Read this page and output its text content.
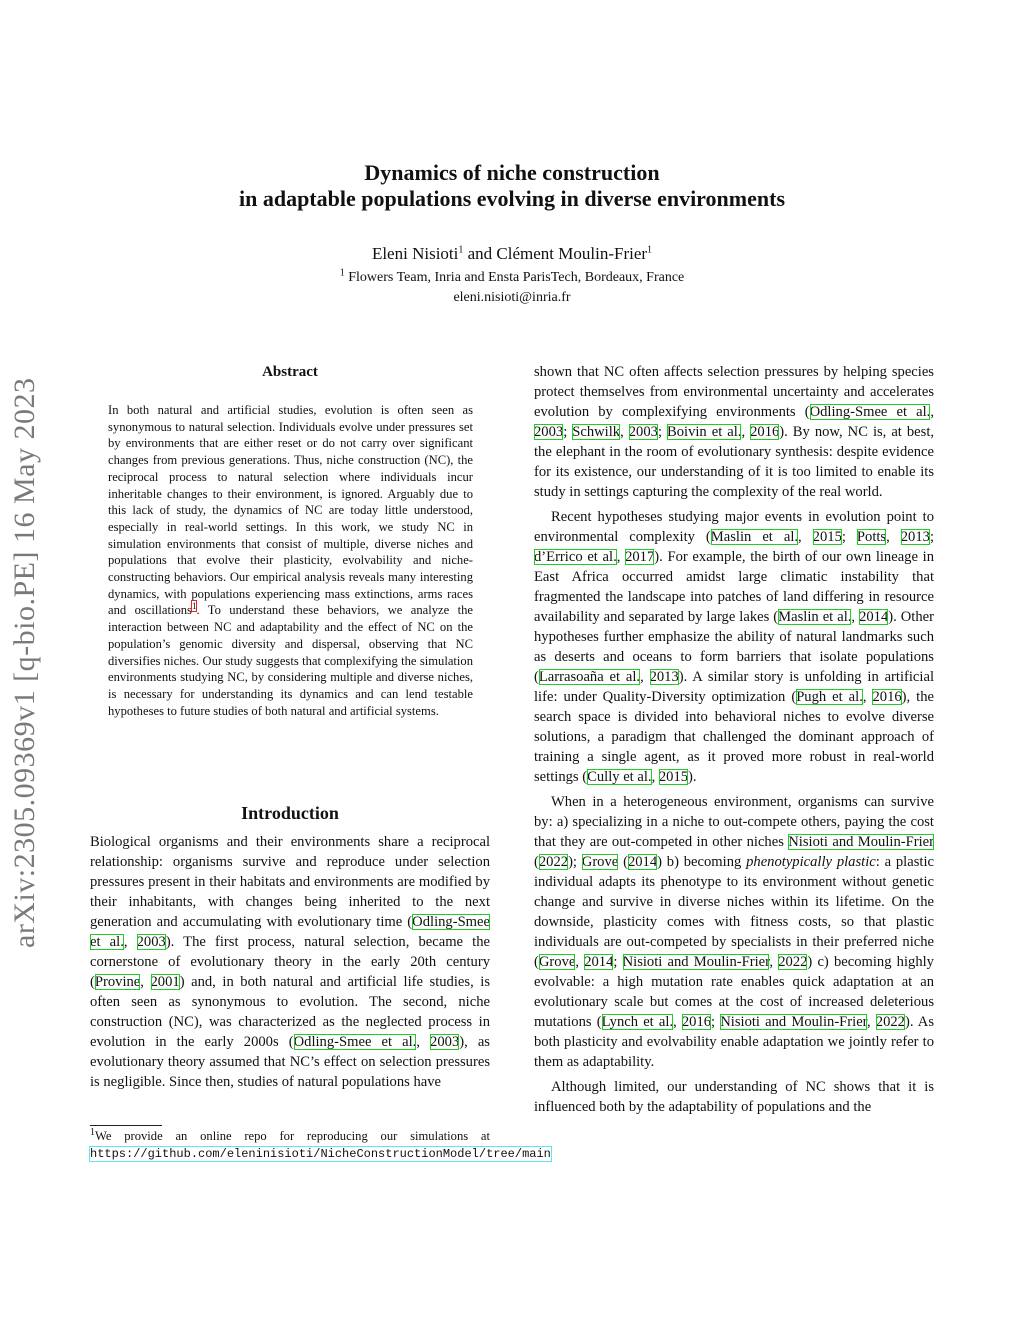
arXiv:2305.09369v1 [q-bio.PE] 16 May 2023
Dynamics of niche construction
in adaptable populations evolving in diverse environments
Eleni Nisioti$^1$ and Clément Moulin-Frier$^1$
$^1$ Flowers Team, Inria and Ensta ParisTech, Bordeaux, France
eleni.nisioti@inria.fr
Abstract
In both natural and artificial studies, evolution is often seen as synonymous to natural selection. Individuals evolve under pressures set by environments that are either reset or do not carry over significant changes from previous generations. Thus, niche construction (NC), the reciprocal process to natural selection where individuals incur inheritable changes to their environment, is ignored. Arguably due to this lack of study, the dynamics of NC are today little understood, especially in real-world settings. In this work, we study NC in simulation environments that consist of multiple, diverse niches and populations that evolve their plasticity, evolvability and niche-constructing behaviors. Our empirical analysis reveals many interesting dynamics, with populations experiencing mass extinctions, arms races and oscillations$^1$. To understand these behaviors, we analyze the interaction between NC and adaptability and the effect of NC on the population’s genomic diversity and dispersal, observing that NC diversifies niches. Our study suggests that complexifying the simulation environments studying NC, by considering multiple and diverse niches, is necessary for understanding its dynamics and can lend testable hypotheses to future studies of both natural and artificial systems.
Introduction

Biological organisms and their environments share a reciprocal relationship: organisms survive and reproduce under selection pressures present in their habitats and environments are modified by their inhabitants, with changes being inherited to the next generation and accumulating with evolutionary time (Odling-Smee et al., 2003). The first process, natural selection, became the cornerstone of evolutionary theory in the early 20th century (Provine, 2001) and, in both natural and artificial life studies, is often seen as synonymous to evolution. The second, niche construction (NC), was characterized as the neglected process in evolution in the early 2000s (Odling-Smee et al., 2003), as evolutionary theory assumed that NC’s effect on selection pressures is negligible. Since then, studies of natural populations have

$^1$We provide an online repo for reproducing our simulations at https://github.com/eleninisioti/NicheConstructionModel/tree/main

shown that NC often affects selection pressures by helping species protect themselves from environmental uncertainty and accelerates evolution by complexifying environments (Odling-Smee et al., 2003; Schwilk, 2003; Boivin et al., 2016). By now, NC is, at best, the elephant in the room of evolutionary synthesis: despite evidence for its existence, our understanding of it is too limited to enable its study in settings capturing the complexity of the real world.

Recent hypotheses studying major events in evolution point to environmental complexity (Maslin et al., 2015; Potts, 2013; d’Errico et al., 2017). For example, the birth of our own lineage in East Africa occurred amidst large climatic instability that fragmented the landscape into patches of land differing in resource availability and separated by large lakes (Maslin et al., 2014). Other hypotheses further emphasize the ability of natural landmarks such as deserts and oceans to form barriers that isolate populations (Larrasoaña et al., 2013). A similar story is unfolding in artificial life: under Quality-Diversity optimization (Pugh et al., 2016), the search space is divided into behavioral niches to evolve diverse solutions, a paradigm that challenged the dominant approach of training a single agent, as it proved more robust in real-world settings (Cully et al., 2015).

When in a heterogeneous environment, organisms can survive by: a) specializing in a niche to out-compete others, paying the cost that they are out-competed in other niches Nisioti and Moulin-Frier (2022); Grove (2014) b) becoming phenotypically plastic: a plastic individual adapts its phenotype to its environment without genetic change and survive in diverse niches within its lifetime. On the downside, plasticity comes with fitness costs, so that plastic individuals are out-competed by specialists in their preferred niche (Grove, 2014; Nisioti and Moulin-Frier, 2022) c) becoming highly evolvable: a high mutation rate enables quick adaptation at an evolutionary scale but comes at the cost of increased deleterious mutations (Lynch et al., 2016; Nisioti and Moulin-Frier, 2022). As both plasticity and evolvability enable adaptation we jointly refer to them as adaptability.

Although limited, our understanding of NC shows that it is influenced both by the adaptability of populations and the
